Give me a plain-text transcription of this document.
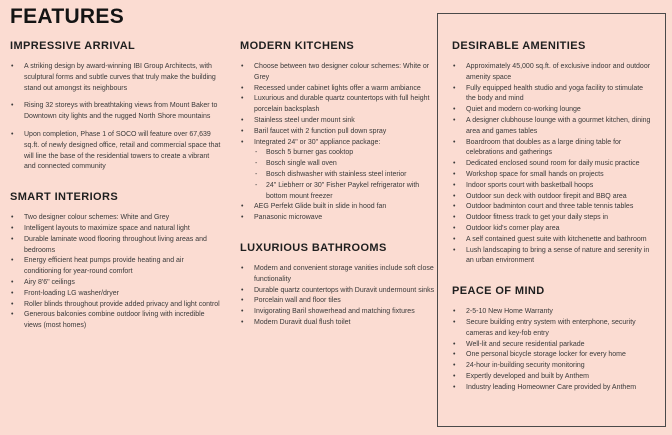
FEATURES
IMPRESSIVE ARRIVAL
• A striking design by award-winning IBI Group Architects, with sculptural forms and subtle curves that truly make the building stand out amongst its neighbours
• Rising 32 storeys with breathtaking views from Mount Baker to Downtown city lights and the rugged North Shore mountains
• Upon completion, Phase 1 of SOCO will feature over 67,639 sq.ft. of newly designed office, retail and commercial space that will line the base of the residential towers to create a vibrant and connected community
SMART INTERIORS
• Two designer colour schemes: White and Grey
• Intelligent layouts to maximize space and natural light
• Durable laminate wood flooring throughout living areas and bedrooms
• Energy efficient heat pumps provide heating and air conditioning for year-round comfort
• Airy 8'6" ceilings
• Front-loading LG washer/dryer
• Roller blinds throughout provide added privacy and light control
• Generous balconies combine outdoor living with incredible views (most homes)
MODERN KITCHENS
• Choose between two designer colour schemes: White or Grey
• Recessed under cabinet lights offer a warm ambiance
• Luxurious and durable quartz countertops with full height porcelain backsplash
• Stainless steel under mount sink
• Baril faucet with 2 function pull down spray
• Integrated 24" or 30" appliance package:
- Bosch 5 burner gas cooktop
- Bosch single wall oven
- Bosch dishwasher with stainless steel interior
- 24" Liebherr or 30" Fisher Paykel refrigerator with bottom mount freezer
• AEG Perfekt Glide built in slide in hood fan
• Panasonic microwave
LUXURIOUS BATHROOMS
• Modern and convenient storage vanities include soft close functionality
• Durable quartz countertops with Duravit undermount sinks
• Porcelain wall and floor tiles
• Invigorating Baril showerhead and matching fixtures
• Modern Duravit dual flush toilet
DESIRABLE AMENITIES
• Approximately 45,000 sq.ft. of exclusive indoor and outdoor amenity space
• Fully equipped health studio and yoga facility to stimulate the body and mind
• Quiet and modern co-working lounge
• A designer clubhouse lounge with a gourmet kitchen, dining area and games tables
• Boardroom that doubles as a large dining table for celebrations and gatherings
• Dedicated enclosed sound room for daily music practice
• Workshop space for small hands on projects
• Indoor sports court with basketball hoops
• Outdoor sun deck with outdoor firepit and BBQ area
• Outdoor badminton court and three table tennis tables
• Outdoor fitness track to get your daily steps in
• Outdoor kid's corner play area
• A self contained guest suite with kitchenette and bathroom
• Lush landscaping to bring a sense of nature and serenity in an urban environment
PEACE OF MIND
• 2-5-10 New Home Warranty
• Secure building entry system with enterphone, security cameras and key-fob entry
• Well-lit and secure residential parkade
• One personal bicycle storage locker for every home
• 24-hour in-building security monitoring
• Expertly developed and built by Anthem
• Industry leading Homeowner Care provided by Anthem
